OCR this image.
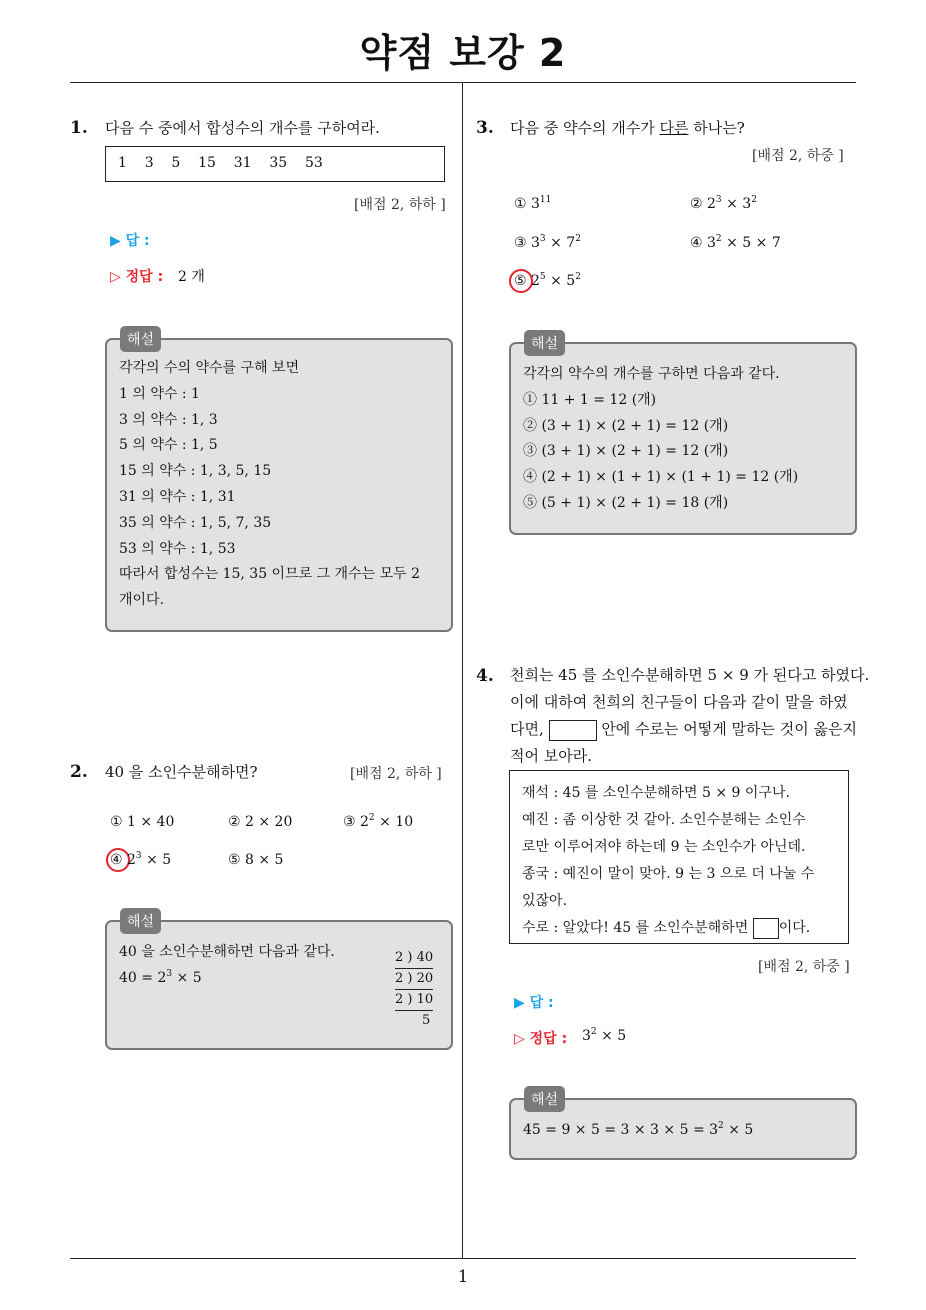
약점 보강 2
1
1. 다음 수 중에서 합성수의 개수를 구하여라.
1    3    5    15    31    35    53
[배점 2, 하하 ]
▶ 답 :
▷ 정답 : 2 개
각각의 수의 약수를 구해 보면
1 의 약수 : 1
3 의 약수 : 1, 3
5 의 약수 : 1, 5
15 의 약수 : 1, 3, 5, 15
31 의 약수 : 1, 31
35 의 약수 : 1, 5, 7, 35
53 의 약수 : 1, 53
따라서 합성수는 15, 35 이므로 그 개수는 모두 2
개이다.
해설
2. 40 을 소인수분해하면?	[배점 2, 하하 ]
① 1 × 40	② 2 × 20	③ $2^2 \times 10$
④ $2^3 \times 5$	⑤ 8 × 5
40 을 소인수분해하면 다음과 같다.
$40 = 2^3 \times 5$
2 ) 40
2 ) 20
2 ) 10
5
해설
3. 다음 중 약수의 개수가 다른 하나는?
[배점 2, 하중 ]
① $3^{11}$	② $2^3 \times 3^2$
③ $3^3 \times 7^2$	④ $3^2 \times 5 \times 7$
⑤ $2^5 \times 5^2$
각각의 약수의 개수를 구하면 다음과 같다.
① 11 + 1 = 12 (개)
② (3 + 1) × (2 + 1) = 12 (개)
③ (3 + 1) × (2 + 1) = 12 (개)
④ (2 + 1) × (1 + 1) × (1 + 1) = 12 (개)
⑤ (5 + 1) × (2 + 1) = 18 (개)
해설
4. 천희는 45 를 소인수분해하면 5 × 9 가 된다고 하였다.
이에 대하여 천희의 친구들이 다음과 같이 말을 하였
다면,	안에 수로는 어떻게 말하는 것이 옳은지
적어 보아라.
재석 : 45 를 소인수분해하면 5 × 9 이구나.
예진 : 좀 이상한 것 같아. 소인수분해는 소인수
로만 이루어져야 하는데 9 는 소인수가 아닌데.
종국 : 예진이 말이 맞아. 9 는 3 으로 더 나눌 수
있잖아.
수로 : 알았다! 45 를 소인수분해하면 이다.
[배점 2, 하중 ]
▶ 답 :
▷ 정답 : $3^2 \times 5$
$45 = 9 \times 5 = 3 \times 3 \times 5 = 3^2 \times 5$
해설
